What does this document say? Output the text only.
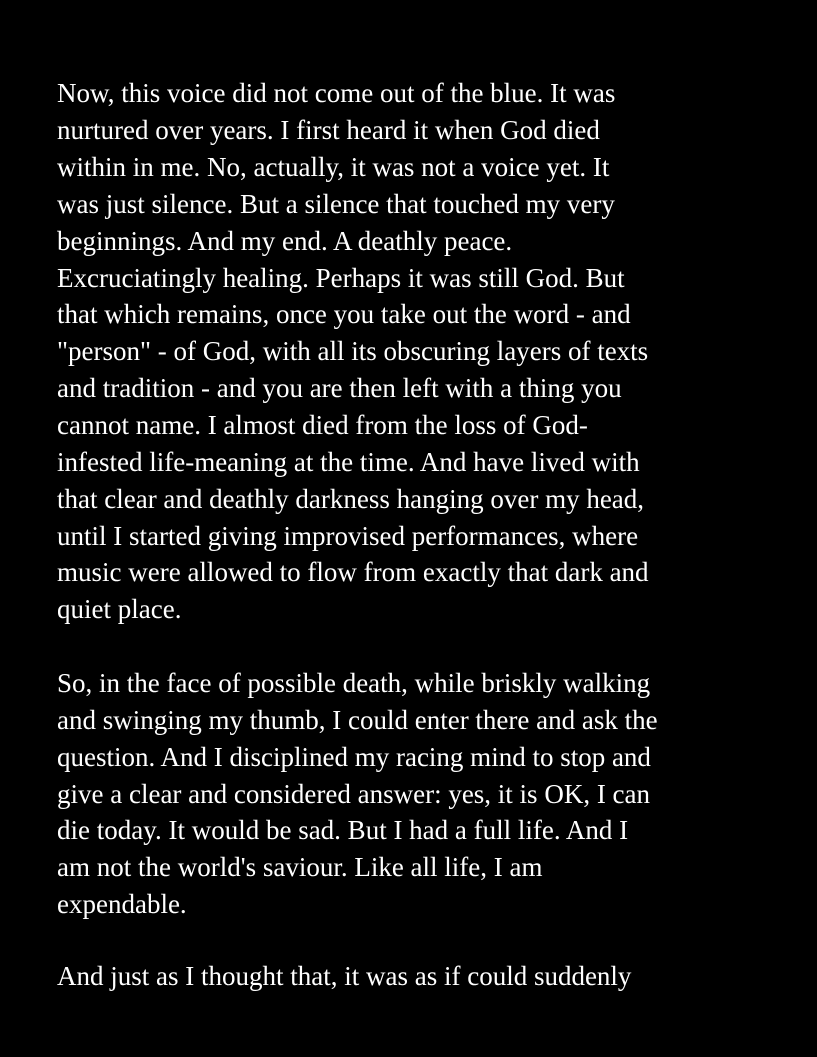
Now, this voice did not come out of the blue. It was
nurtured over years. I first heard it when God died
within in me. No, actually, it was not a voice yet. It
was just silence. But a silence that touched my very
beginnings. And my end. A deathly peace.
Excruciatingly healing. Perhaps it was still God. But
that which remains, once you take out the word - and
"person" - of God, with all its obscuring layers of texts
and tradition - and you are then left with a thing you
cannot name. I almost died from the loss of God-
infested life-meaning at the time. And have lived with
that clear and deathly darkness hanging over my head,
until I started giving improvised performances, where
music were allowed to flow from exactly that dark and
quiet place.
So, in the face of possible death, while briskly walking
and swinging my thumb, I could enter there and ask the
question. And I disciplined my racing mind to stop and
give a clear and considered answer: yes, it is OK, I can
die today. It would be sad. But I had a full life. And I
am not the world's saviour. Like all life, I am
expendable.
And just as I thought that, it was as if could suddenly
